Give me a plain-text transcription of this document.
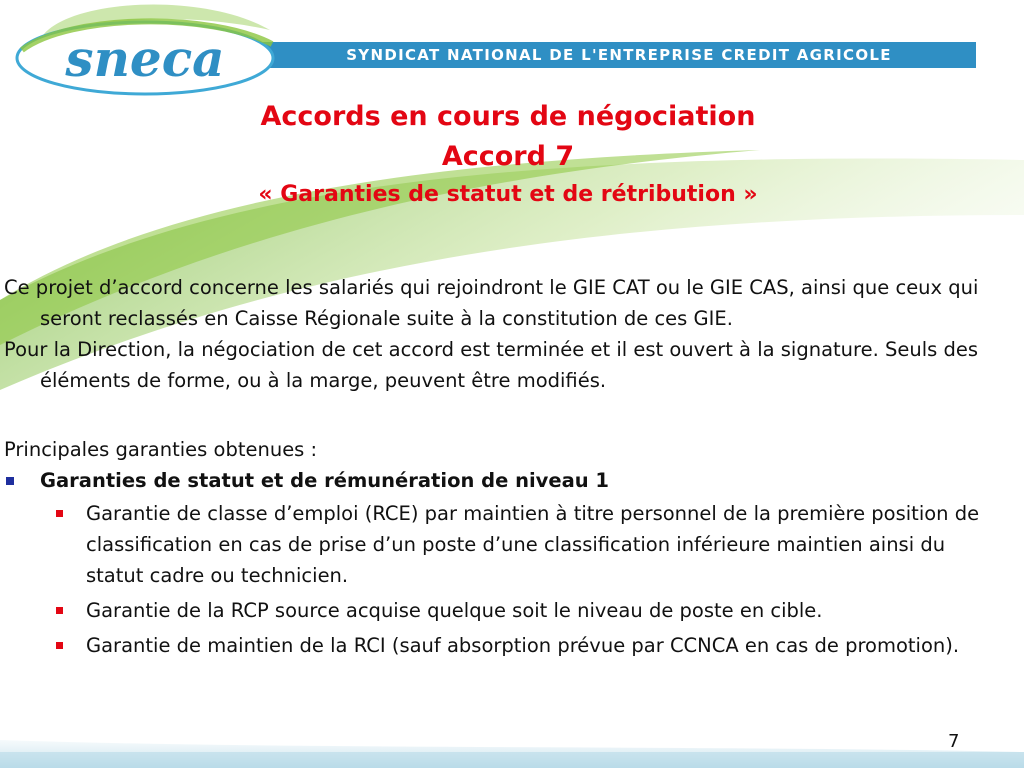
SYNDICAT NATIONAL DE L'ENTREPRISE CREDIT AGRICOLE
sneca
Accords en cours de négociation
Accord 7
« Garanties de statut et de rétribution »

Ce projet d’accord concerne les salariés qui rejoindront le GIE CAT ou le GIE CAS, ainsi que ceux qui seront reclassés en Caisse Régionale suite à la constitution de ces GIE.

Pour la Direction, la négociation de cet accord est terminée et il est ouvert à la signature. Seuls des éléments de forme, ou à la marge, peuvent être modifiés.

Principales garanties obtenues :

Garanties de statut et de rémunération de niveau 1
Garantie de classe d’emploi (RCE) par maintien à titre personnel de la première position de classification en cas de prise d’un poste d’une classification inférieure maintien ainsi du statut cadre ou technicien.
Garantie de la RCP source acquise quelque soit le niveau de poste en cible.
Garantie de maintien de la RCI (sauf absorption prévue par CCNCA en cas de promotion).
7
